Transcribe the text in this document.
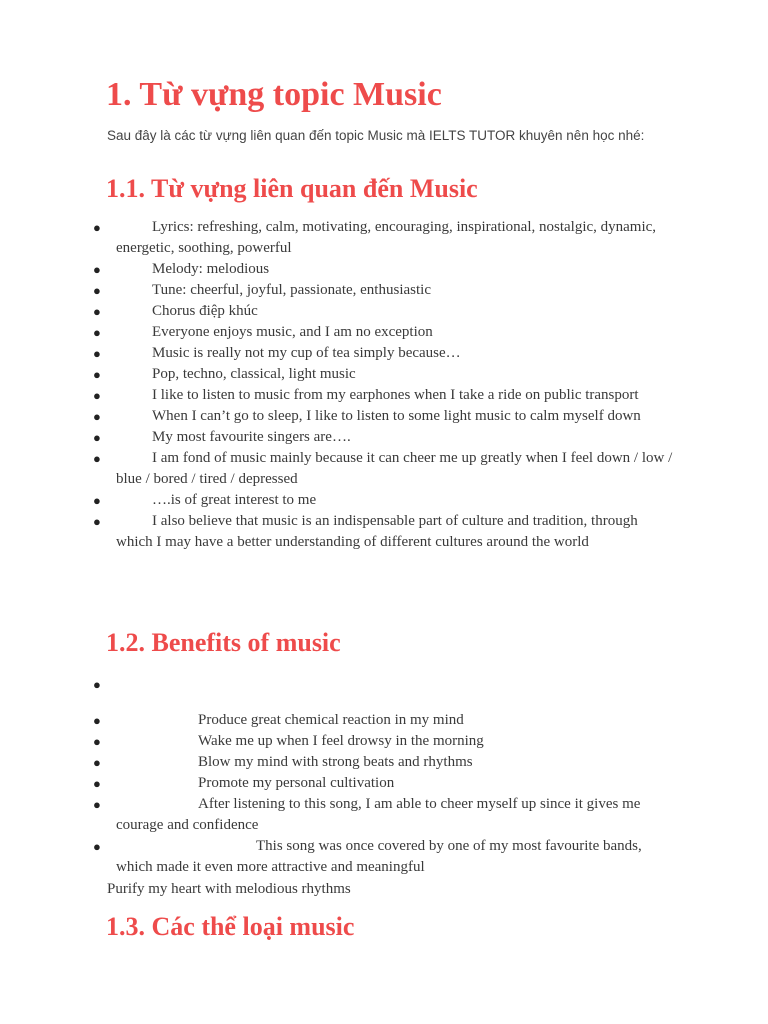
1. Từ vựng topic Music

Sau đây là các từ vựng liên quan đến topic Music mà IELTS TUTOR khuyên nên học nhé:

1.1. Từ vựng liên quan đến Music
●	Lyrics: refreshing, calm, motivating, encouraging, inspirational, nostalgic, dynamic, energetic, soothing, powerful
●	Melody: melodious
●	Tune: cheerful, joyful, passionate, enthusiastic
●	Chorus điệp khúc
●	Everyone enjoys music, and I am no exception
●	Music is really not my cup of tea simply because…
●	Pop, techno, classical, light music
●	I like to listen to music from my earphones when I take a ride on public transport
●	When I can’t go to sleep, I like to listen to some light music to calm myself down
●	My most favourite singers are….
●	I am fond of music mainly because it can cheer me up greatly when I feel down / low / blue / bored / tired / depressed
●	….is of great interest to me
●	I also believe that music is an indispensable part of culture and tradition, through which I may have a better understanding of different cultures around the world
1.2. Benefits of music
●
●	Produce great chemical reaction in my mind
●	Wake me up when I feel drowsy in the morning
●	Blow my mind with strong beats and rhythms
●	Promote my personal cultivation
●	After listening to this song, I am able to cheer myself up since it gives me courage and confidence
●	This song was once covered by one of my most favourite bands, which made it even more attractive and meaningful

Purify my heart with melodious rhythms

1.3. Các thể loại music
